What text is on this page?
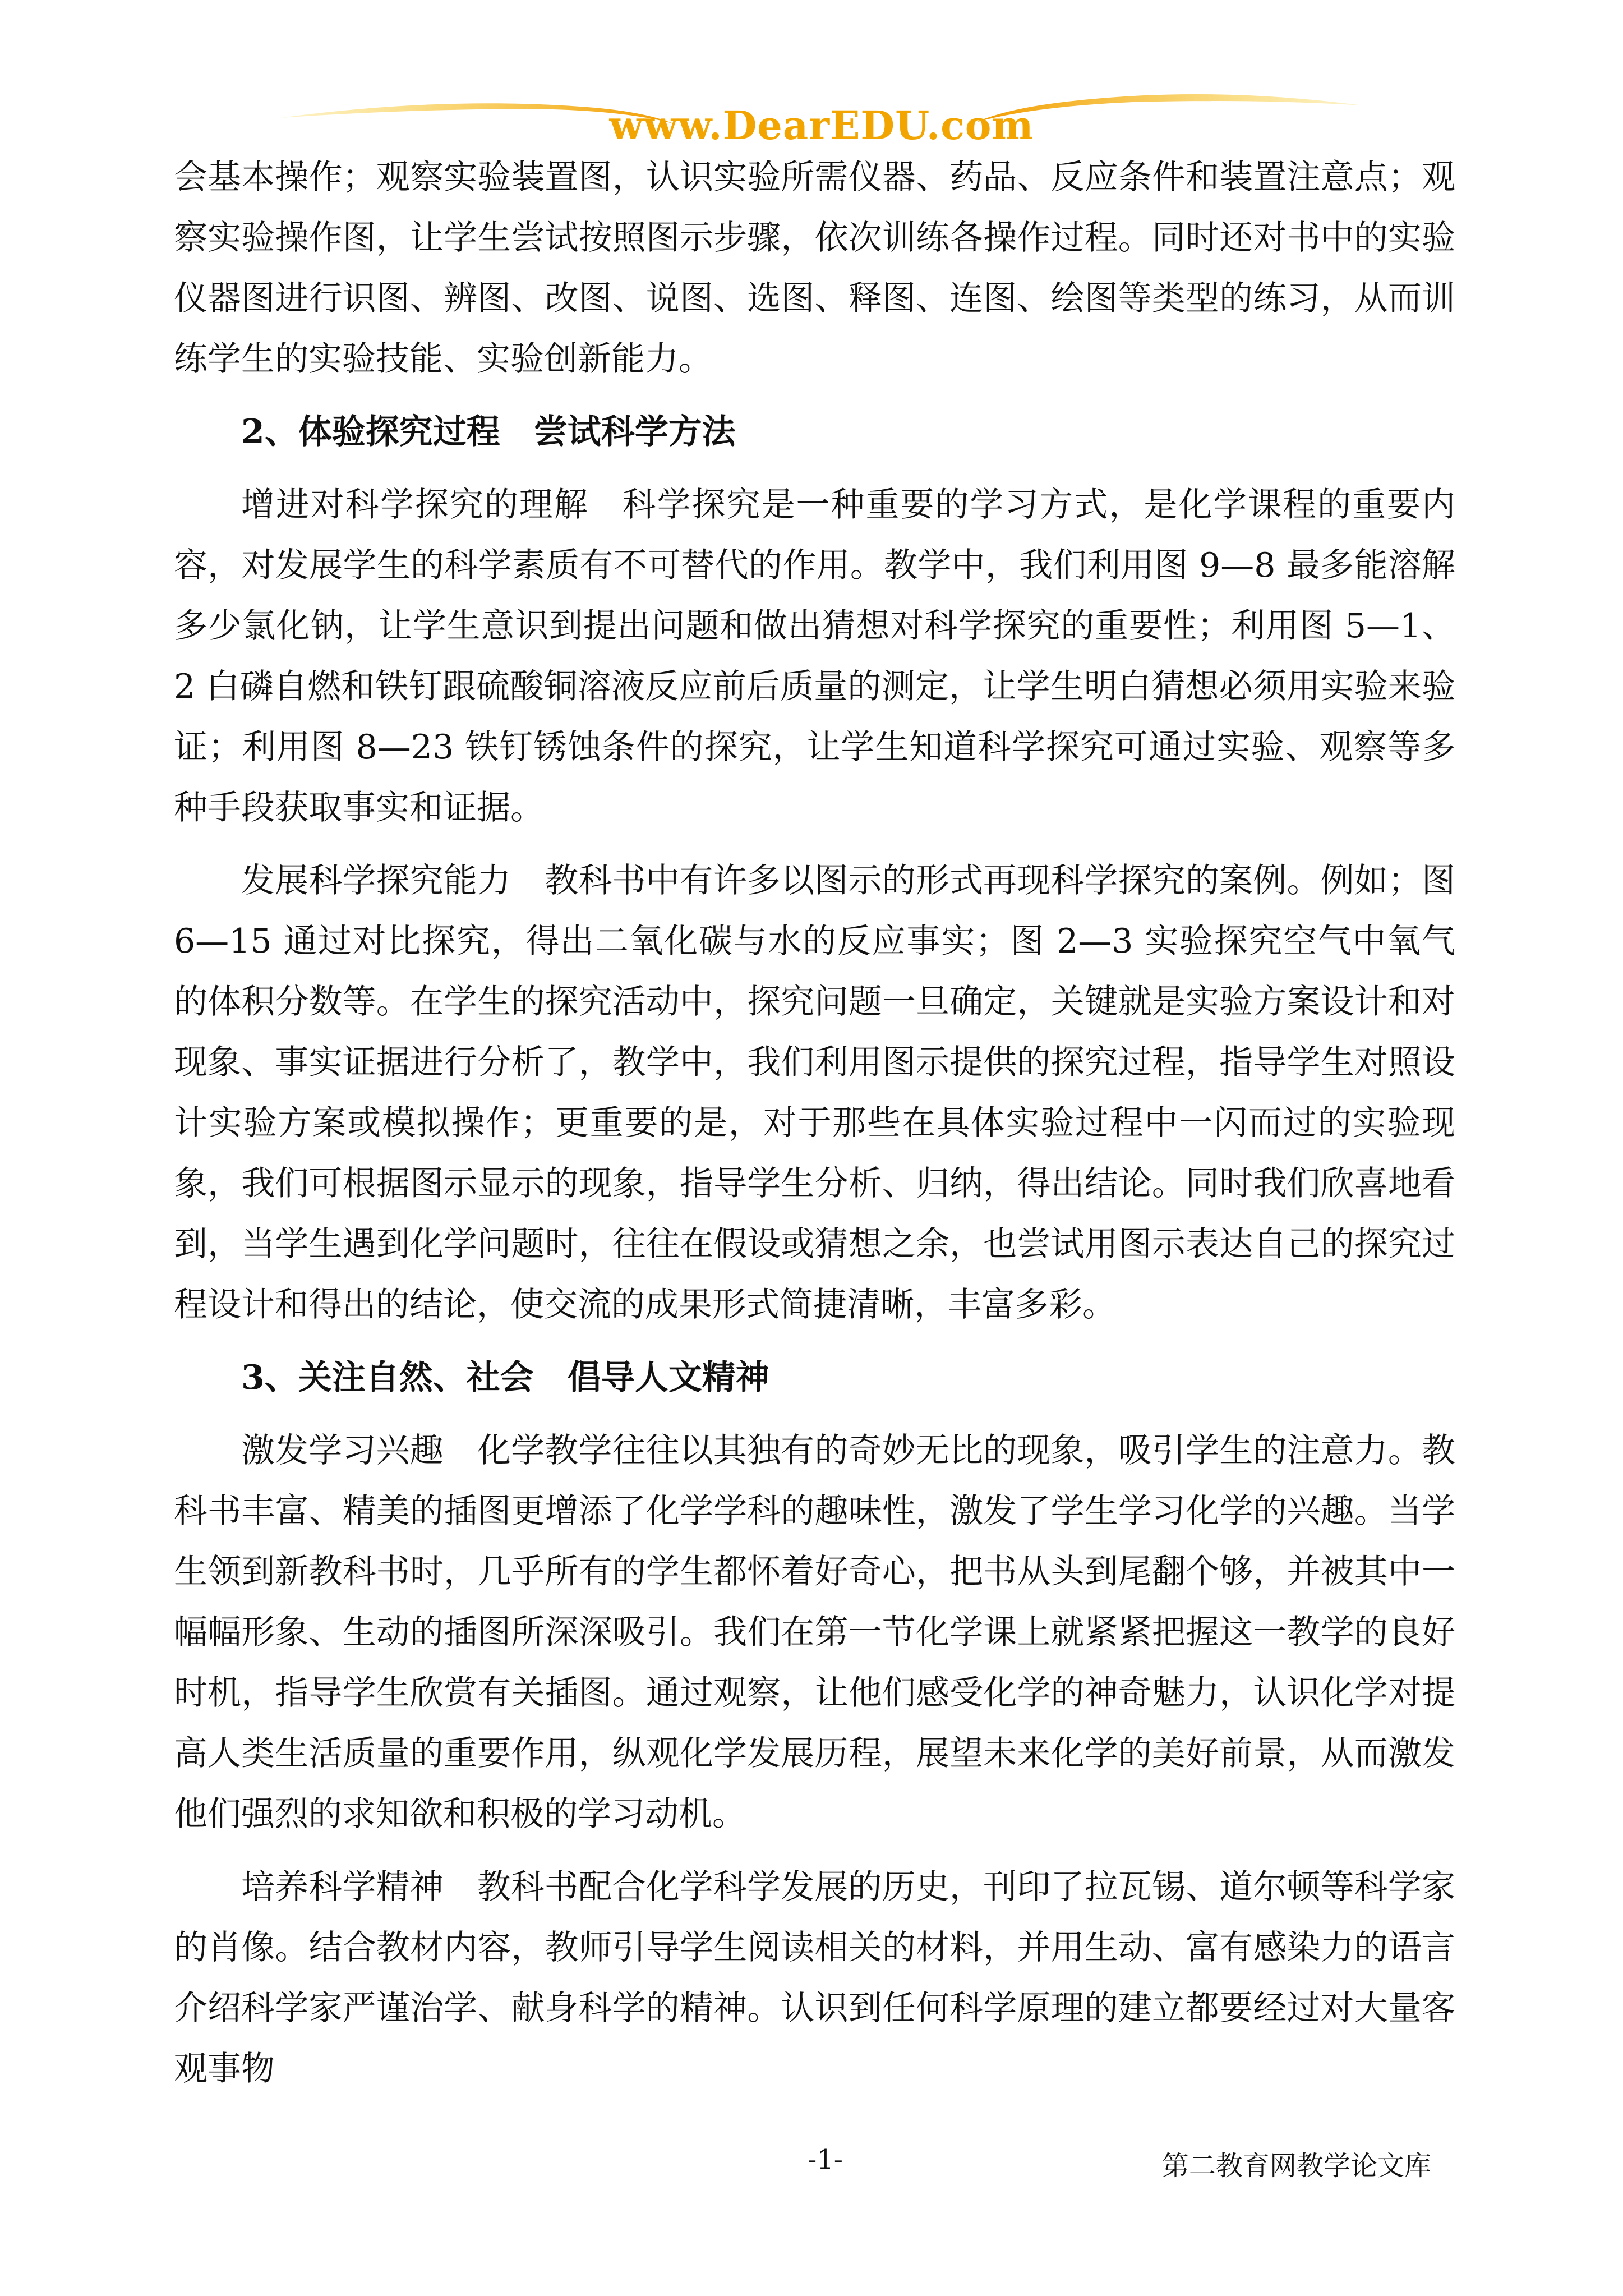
www.DearEDU.com

会基本操作；观察实验装置图，认识实验所需仪器、药品、反应条件和装置注意点；观察实验操作图，让学生尝试按照图示步骤，依次训练各操作过程。同时还对书中的实验仪器图进行识图、辨图、改图、说图、选图、释图、连图、绘图等类型的练习，从而训练学生的实验技能、实验创新能力。

2、体验探究过程　尝试科学方法

增进对科学探究的理解 科学探究是一种重要的学习方式，是化学课程的重要内容，对发展学生的科学素质有不可替代的作用。教学中，我们利用图 9—8 最多能溶解多少氯化钠，让学生意识到提出问题和做出猜想对科学探究的重要性；利用图 5—1、2 白磷自燃和铁钉跟硫酸铜溶液反应前后质量的测定，让学生明白猜想必须用实验来验证；利用图 8—23 铁钉锈蚀条件的探究，让学生知道科学探究可通过实验、观察等多种手段获取事实和证据。

发展科学探究能力 教科书中有许多以图示的形式再现科学探究的案例。例如；图 6—15 通过对比探究，得出二氧化碳与水的反应事实；图 2—3 实验探究空气中氧气的体积分数等。在学生的探究活动中，探究问题一旦确定，关键就是实验方案设计和对现象、事实证据进行分析了，教学中，我们利用图示提供的探究过程，指导学生对照设计实验方案或模拟操作；更重要的是，对于那些在具体实验过程中一闪而过的实验现象，我们可根据图示显示的现象，指导学生分析、归纳，得出结论。同时我们欣喜地看到，当学生遇到化学问题时，往往在假设或猜想之余，也尝试用图示表达自己的探究过程设计和得出的结论，使交流的成果形式简捷清晰，丰富多彩。

3、关注自然、社会　倡导人文精神

激发学习兴趣 化学教学往往以其独有的奇妙无比的现象，吸引学生的注意力。教科书丰富、精美的插图更增添了化学学科的趣味性，激发了学生学习化学的兴趣。当学生领到新教科书时，几乎所有的学生都怀着好奇心，把书从头到尾翻个够，并被其中一幅幅形象、生动的插图所深深吸引。我们在第一节化学课上就紧紧把握这一教学的良好时机，指导学生欣赏有关插图。通过观察，让他们感受化学的神奇魅力，认识化学对提高人类生活质量的重要作用，纵观化学发展历程，展望未来化学的美好前景，从而激发他们强烈的求知欲和积极的学习动机。

培养科学精神 教科书配合化学科学发展的历史，刊印了拉瓦锡、道尔顿等科学家的肖像。结合教材内容，教师引导学生阅读相关的材料，并用生动、富有感染力的语言介绍科学家严谨治学、献身科学的精神。认识到任何科学原理的建立都要经过对大量客观事物

-1-	第二教育网教学论文库
